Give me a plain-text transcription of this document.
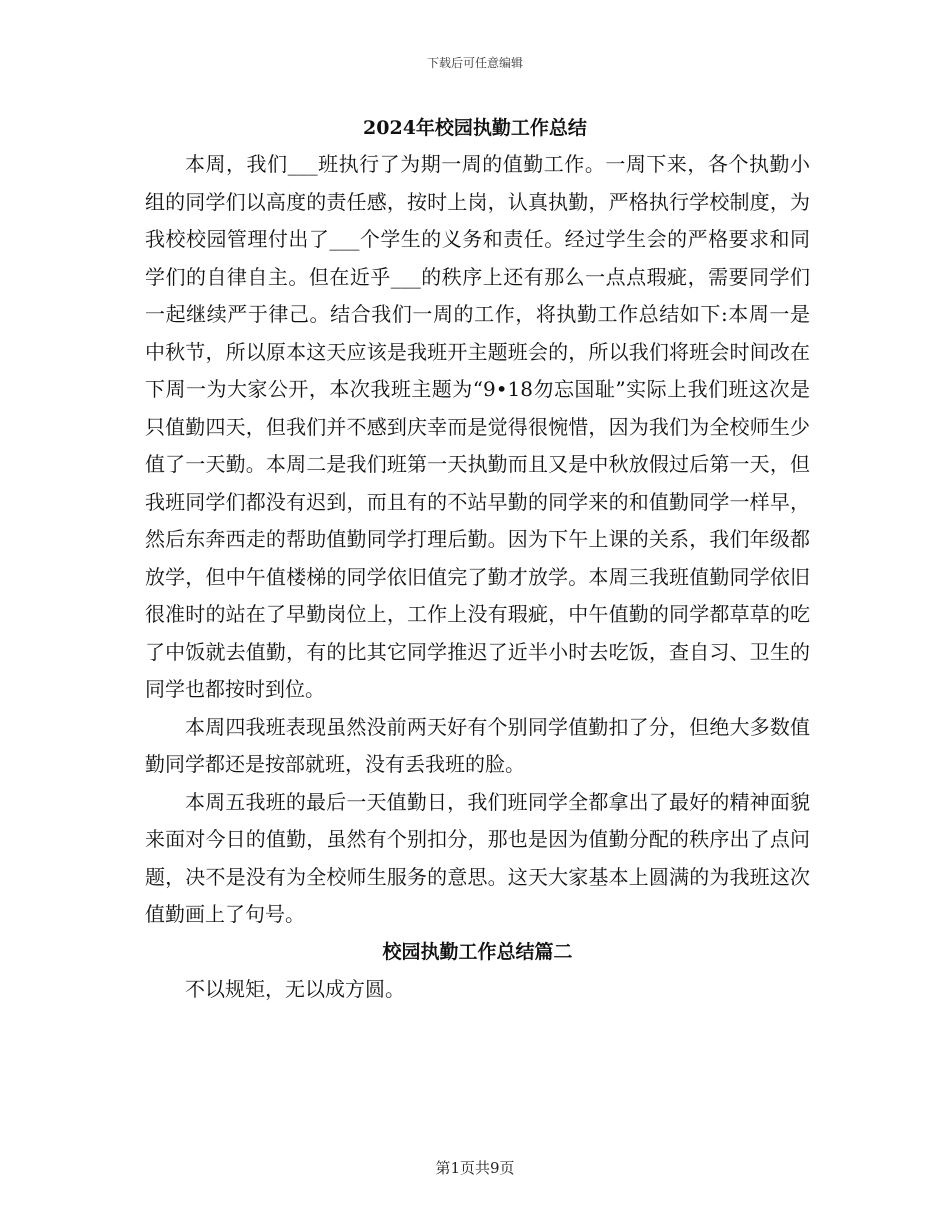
下载后可任意编辑
2024年校园执勤工作总结

本周，我们___班执行了为期一周的值勤工作。一周下来，各个执勤小组的同学们以高度的责任感，按时上岗，认真执勤，严格执行学校制度，为我校校园管理付出了___个学生的义务和责任。经过学生会的严格要求和同学们的自律自主。但在近乎___的秩序上还有那么一点点瑕疵，需要同学们一起继续严于律己。结合我们一周的工作，将执勤工作总结如下:本周一是中秋节，所以原本这天应该是我班开主题班会的，所以我们将班会时间改在下周一为大家公开，本次我班主题为“9•18勿忘国耻”实际上我们班这次是只值勤四天，但我们并不感到庆幸而是觉得很惋惜，因为我们为全校师生少值了一天勤。本周二是我们班第一天执勤而且又是中秋放假过后第一天，但我班同学们都没有迟到，而且有的不站早勤的同学来的和值勤同学一样早，然后东奔西走的帮助值勤同学打理后勤。因为下午上课的关系，我们年级都放学，但中午值楼梯的同学依旧值完了勤才放学。本周三我班值勤同学依旧很准时的站在了早勤岗位上，工作上没有瑕疵，中午值勤的同学都草草的吃了中饭就去值勤，有的比其它同学推迟了近半小时去吃饭，查自习、卫生的同学也都按时到位。

本周四我班表现虽然没前两天好有个别同学值勤扣了分，但绝大多数值勤同学都还是按部就班，没有丢我班的脸。

本周五我班的最后一天值勤日，我们班同学全都拿出了最好的精神面貌来面对今日的值勤，虽然有个别扣分，那也是因为值勤分配的秩序出了点问题，决不是没有为全校师生服务的意思。这天大家基本上圆满的为我班这次值勤画上了句号。

校园执勤工作总结篇二

不以规矩，无以成方圆。

第1页共9页
